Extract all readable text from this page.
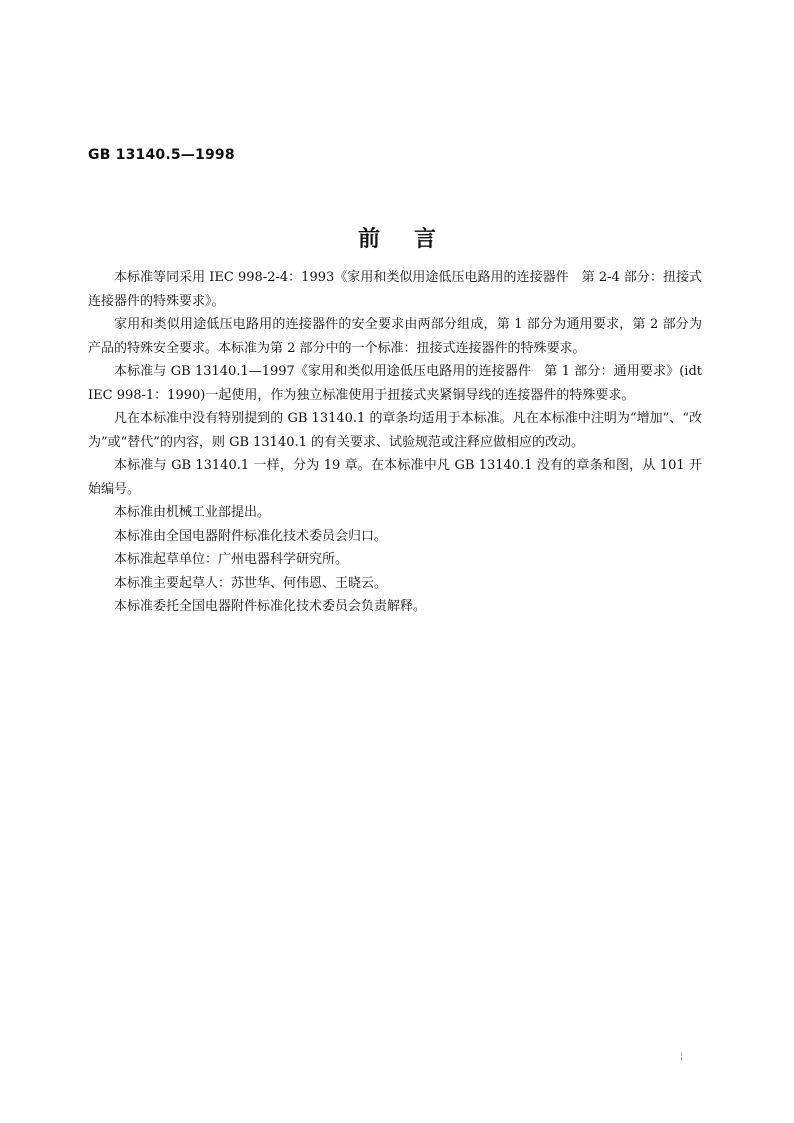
GB 13140.5—1998
前言

本标准等同采用 IEC 998-2-4：1993《家用和类似用途低压电路用的连接器件　第 2-4 部分：扭接式连接器件的特殊要求》。

家用和类似用途低压电路用的连接器件的安全要求由两部分组成，第 1 部分为通用要求，第 2 部分为产品的特殊安全要求。本标准为第 2 部分中的一个标准：扭接式连接器件的特殊要求。

本标准与 GB 13140.1—1997《家用和类似用途低压电路用的连接器件　第 1 部分：通用要求》(idt IEC 998-1：1990)一起使用，作为独立标准使用于扭接式夹紧铜导线的连接器件的特殊要求。

凡在本标准中没有特别提到的 GB 13140.1 的章条均适用于本标准。凡在本标准中注明为“增加”、“改为”或“替代”的内容，则 GB 13140.1 的有关要求、试验规范或注释应做相应的改动。

本标准与 GB 13140.1 一样，分为 19 章。在本标准中凡 GB 13140.1 没有的章条和图，从 101 开始编号。

本标准由机械工业部提出。

本标准由全国电器附件标准化技术委员会归口。

本标准起草单位：广州电器科学研究所。

本标准主要起草人：苏世华、何伟恩、王晓云。

本标准委托全国电器附件标准化技术委员会负责解释。

¦
